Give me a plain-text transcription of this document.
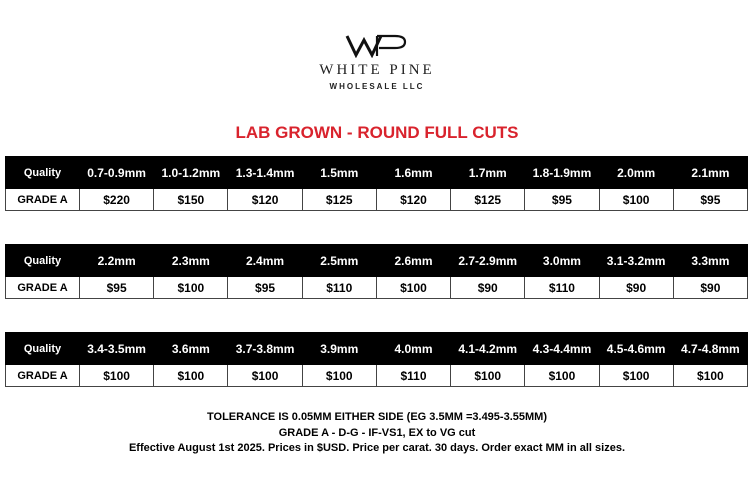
WHITE PINE
WHOLESALE LLC
LAB GROWN - ROUND FULL CUTS
Quality	0.7-0.9mm	1.0-1.2mm	1.3-1.4mm	1.5mm	1.6mm	1.7mm	1.8-1.9mm	2.0mm	2.1mm
GRADE A	$220	$150	$120	$125	$120	$125	$95	$100	$95
Quality	2.2mm	2.3mm	2.4mm	2.5mm	2.6mm	2.7-2.9mm	3.0mm	3.1-3.2mm	3.3mm
GRADE A	$95	$100	$95	$110	$100	$90	$110	$90	$90
Quality	3.4-3.5mm	3.6mm	3.7-3.8mm	3.9mm	4.0mm	4.1-4.2mm	4.3-4.4mm	4.5-4.6mm	4.7-4.8mm
GRADE A	$100	$100	$100	$100	$110	$100	$100	$100	$100
TOLERANCE IS 0.05MM EITHER SIDE (EG 3.5MM =3.495-3.55MM)
GRADE A - D-G - IF-VS1, EX to VG cut
Effective August 1st 2025. Prices in $USD. Price per carat. 30 days. Order exact MM in all sizes.
